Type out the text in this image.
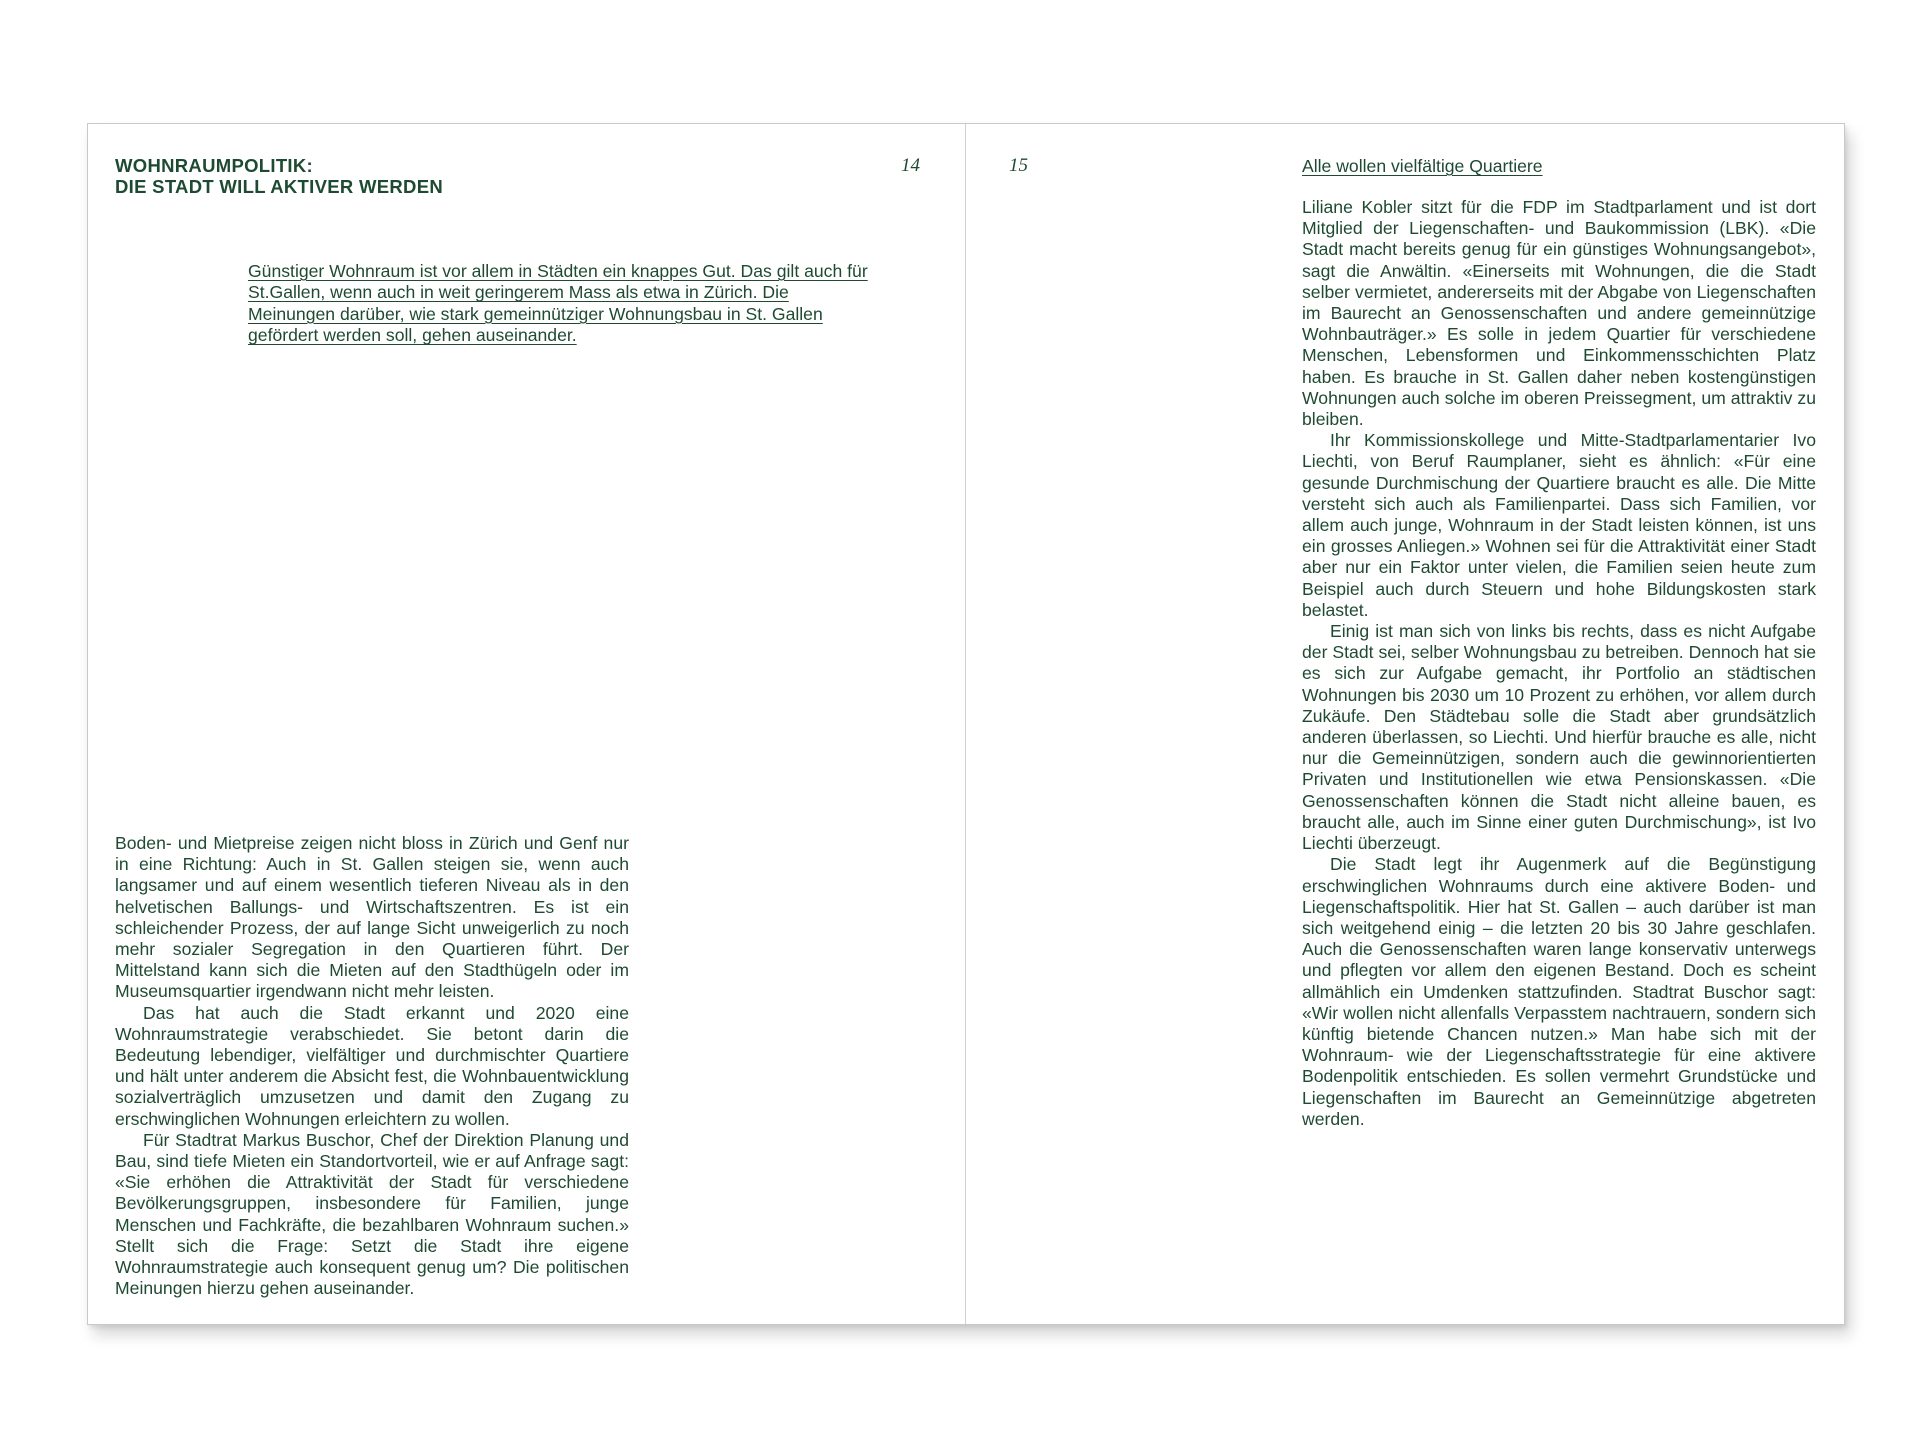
WOHNRAUMPOLITIK:
DIE STADT WILL AKTIVER WERDEN
14

Günstiger Wohnraum ist vor allem in Städten ein knappes Gut. Das gilt auch für St.Gallen, wenn auch in weit geringerem Mass als etwa in Zürich. Die Meinungen darüber, wie stark gemeinnütziger Wohnungsbau in St. Gallen gefördert werden soll, gehen auseinander.

Boden- und Mietpreise zeigen nicht bloss in Zürich und Genf nur in eine Richtung: Auch in St. Gallen steigen sie, wenn auch langsamer und auf einem wesentlich tieferen Niveau als in den helvetischen Ballungs- und Wirtschaftszentren. Es ist ein schleichender Prozess, der auf lange Sicht unweigerlich zu noch mehr sozialer Segregation in den Quartieren führt. Der Mittelstand kann sich die Mieten auf den Stadthügeln oder im Museumsquartier irgendwann nicht mehr leisten.

Das hat auch die Stadt erkannt und 2020 eine Wohnraumstrategie verabschiedet. Sie betont darin die Bedeutung lebendiger, vielfältiger und durchmischter Quartiere und hält unter anderem die Absicht fest, die Wohnbauentwicklung sozialverträglich umzusetzen und damit den Zugang zu erschwinglichen Wohnungen erleichtern zu wollen.

Für Stadtrat Markus Buschor, Chef der Direktion Planung und Bau, sind tiefe Mieten ein Standortvorteil, wie er auf Anfrage sagt: «Sie erhöhen die Attraktivität der Stadt für verschiedene Bevölkerungsgruppen, insbesondere für Familien, junge Menschen und Fachkräfte, die bezahlbaren Wohnraum suchen.» Stellt sich die Frage: Setzt die Stadt ihre eigene Wohnraumstrategie auch konsequent genug um? Die politischen Meinungen hierzu gehen auseinander.

15	Alle wollen vielfältige Quartiere

Liliane Kobler sitzt für die FDP im Stadtparlament und ist dort Mitglied der Liegenschaften- und Baukommission (LBK). «Die Stadt macht bereits genug für ein günstiges Wohnungsangebot», sagt die Anwältin. «Einerseits mit Wohnungen, die die Stadt selber vermietet, andererseits mit der Abgabe von Liegenschaften im Baurecht an Genossenschaften und andere gemeinnützige Wohnbauträger.» Es solle in jedem Quartier für verschiedene Menschen, Lebensformen und Einkommensschichten Platz haben. Es brauche in St. Gallen daher neben kostengünstigen Wohnungen auch solche im oberen Preissegment, um attraktiv zu bleiben.

Ihr Kommissionskollege und Mitte-Stadtparlamentarier Ivo Liechti, von Beruf Raumplaner, sieht es ähnlich: «Für eine gesunde Durchmischung der Quartiere braucht es alle. Die Mitte versteht sich auch als Familienpartei. Dass sich Familien, vor allem auch junge, Wohnraum in der Stadt leisten können, ist uns ein grosses Anliegen.» Wohnen sei für die Attraktivität einer Stadt aber nur ein Faktor unter vielen, die Familien seien heute zum Beispiel auch durch Steuern und hohe Bildungskosten stark belastet.

Einig ist man sich von links bis rechts, dass es nicht Aufgabe der Stadt sei, selber Wohnungsbau zu betreiben. Dennoch hat sie es sich zur Aufgabe gemacht, ihr Portfolio an städtischen Wohnungen bis 2030 um 10 Prozent zu erhöhen, vor allem durch Zukäufe. Den Städtebau solle die Stadt aber grundsätzlich anderen überlassen, so Liechti. Und hierfür brauche es alle, nicht nur die Gemeinnützigen, sondern auch die gewinnorientierten Privaten und Institutionellen wie etwa Pensionskassen. «Die Genossenschaften können die Stadt nicht alleine bauen, es braucht alle, auch im Sinne einer guten Durchmischung», ist Ivo Liechti überzeugt.

Die Stadt legt ihr Augenmerk auf die Begünstigung erschwinglichen Wohnraums durch eine aktivere Boden- und Liegenschaftspolitik. Hier hat St. Gallen – auch darüber ist man sich weitgehend einig – die letzten 20 bis 30 Jahre geschlafen. Auch die Genossenschaften waren lange konservativ unterwegs und pflegten vor allem den eigenen Bestand. Doch es scheint allmählich ein Umdenken stattzufinden. Stadtrat Buschor sagt: «Wir wollen nicht allenfalls Verpasstem nachtrauern, sondern sich künftig bietende Chancen nutzen.» Man habe sich mit der Wohnraum- wie der Liegenschaftsstrategie für eine aktivere Bodenpolitik entschieden. Es sollen vermehrt Grundstücke und Liegenschaften im Baurecht an Gemeinnützige abgetreten werden.
